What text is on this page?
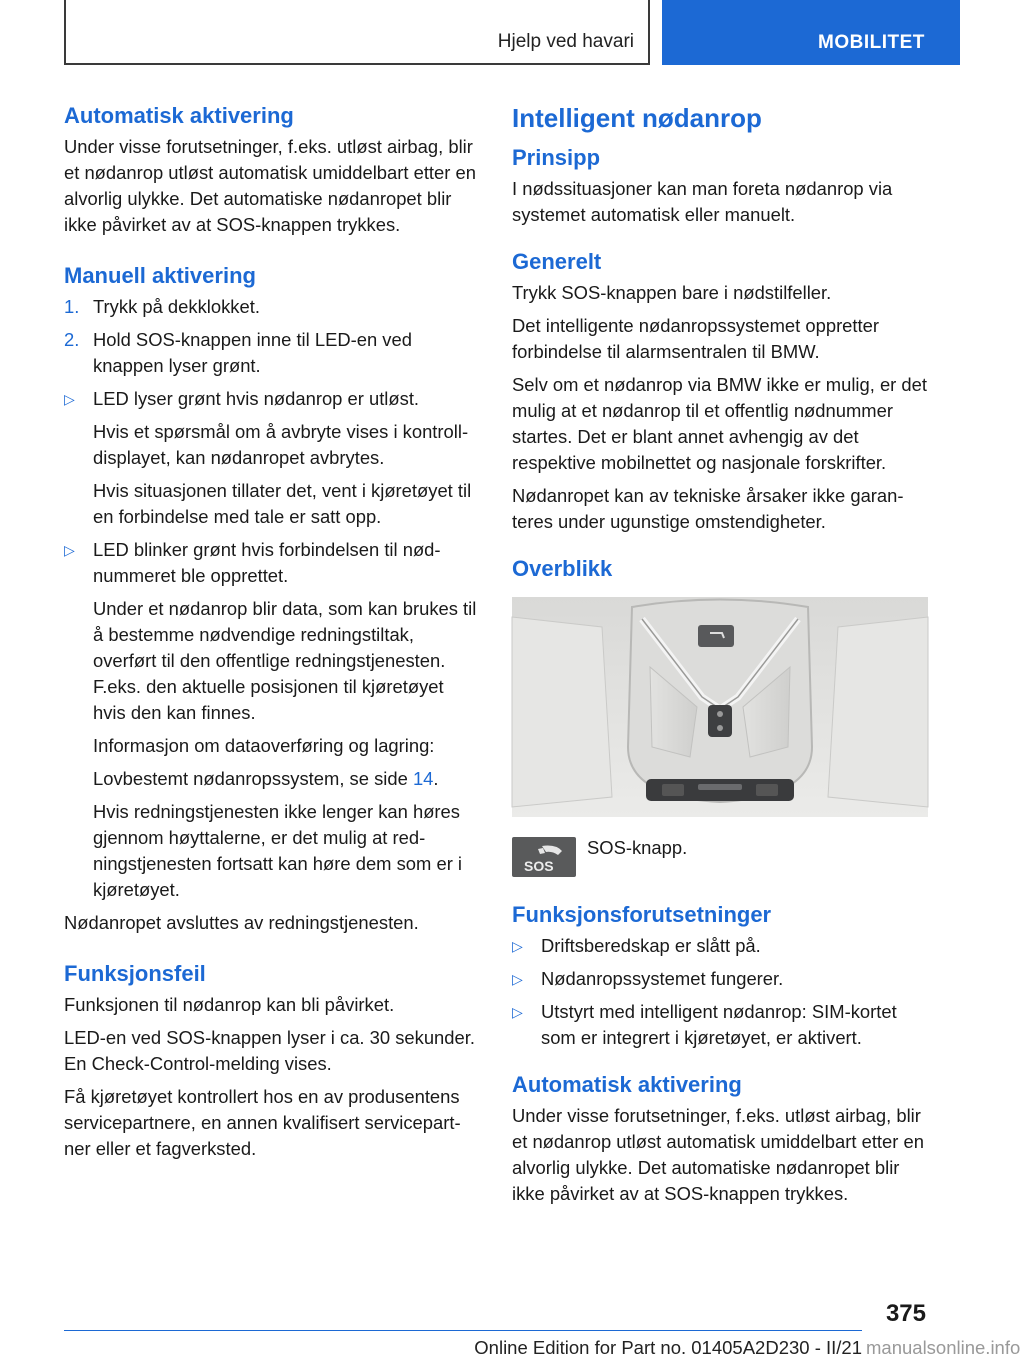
Hjelp ved havari	MOBILITET
Automatisk aktivering

Under visse forutsetninger, f.eks. utløst airbag, blir et nødanrop utløst automatisk umiddelbart etter en alvorlig ulykke. Det automatiske nødanropet blir ikke påvirket av at SOS-knappen trykkes.

Manuell aktivering
1. Trykk på dekklokket.
2. Hold SOS-knappen inne til LED-en ved knappen lyser grønt.
▷ LED lyser grønt hvis nødanrop er utløst.

Hvis et spørsmål om å avbryte vises i kontrolldisplayet, kan nødanropet avbrytes.

Hvis situasjonen tillater det, vent i kjøretøyet til en forbindelse med tale er satt opp.

▷ LED blinker grønt hvis forbindelsen til nødnummeret ble opprettet.

Under et nødanrop blir data, som kan brukes til å bestemme nødvendige redningstiltak, overført til den offentlige redningstjenesten. F.eks. den aktuelle posisjonen til kjøretøyet hvis den kan finnes.

Informasjon om dataoverføring og lagring:

Lovbestemt nødanropssystem, se side 14.

Hvis redningstjenesten ikke lenger kan høres gjennom høyttalerne, er det mulig at redningstjenesten fortsatt kan høre dem som er i kjøretøyet.

Nødanropet avsluttes av redningstjenesten.

Funksjonsfeil

Funksjonen til nødanrop kan bli påvirket.

LED-en ved SOS-knappen lyser i ca. 30 sekunder. En Check-Control-melding vises.

Få kjøretøyet kontrollert hos en av produsentens servicepartnere, en annen kvalifisert servicepartner eller et fagverksted.

Intelligent nødanrop
Prinsipp

I nødssituasjoner kan man foreta nødanrop via systemet automatisk eller manuelt.

Generelt

Trykk SOS-knappen bare i nødstilfeller.

Det intelligente nødanropssystemet oppretter forbindelse til alarmsentralen til BMW.

Selv om et nødanrop via BMW ikke er mulig, er det mulig at et nødanrop til et offentlig nødnummer startes. Det er blant annet avhengig av det respektive mobilnettet og nasjonale forskrifter.

Nødanropet kan av tekniske årsaker ikke garanteres under ugunstige omstendigheter.

Overblikk
SOS

SOS-knapp.

Funksjonsforutsetninger
▷ Driftsberedskap er slått på.
▷ Nødanropssystemet fungerer.
▷ Utstyrt med intelligent nødanrop: SIM-kortet som er integrert i kjøretøyet, er aktivert.
Automatisk aktivering

Under visse forutsetninger, f.eks. utløst airbag, blir et nødanrop utløst automatisk umiddelbart etter en alvorlig ulykke. Det automatiske nødanropet blir ikke påvirket av at SOS-knappen trykkes.

375
Online Edition for Part no. 01405A2D230 - II/21 manualsonline.info
